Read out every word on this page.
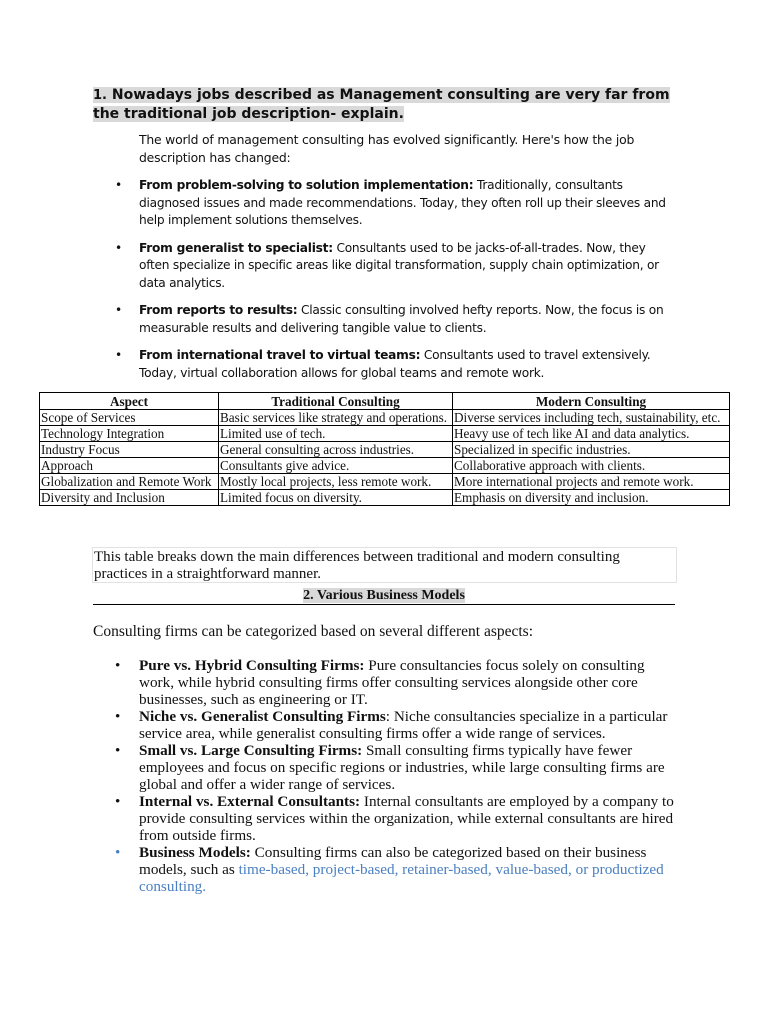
1. Nowadays jobs described as Management consulting are very far from the traditional job description- explain.
The world of management consulting has evolved significantly. Here's how the job description has changed:
• From problem-solving to solution implementation: Traditionally, consultants diagnosed issues and made recommendations. Today, they often roll up their sleeves and help implement solutions themselves.
• From generalist to specialist: Consultants used to be jacks-of-all-trades. Now, they often specialize in specific areas like digital transformation, supply chain optimization, or data analytics.
• From reports to results: Classic consulting involved hefty reports. Now, the focus is on measurable results and delivering tangible value to clients.
• From international travel to virtual teams: Consultants used to travel extensively. Today, virtual collaboration allows for global teams and remote work.
Aspect	Traditional Consulting	Modern Consulting
Scope of Services	Basic services like strategy and operations.	Diverse services including tech, sustainability, etc.
Technology Integration	Limited use of tech.	Heavy use of tech like AI and data analytics.
Industry Focus	General consulting across industries.	Specialized in specific industries.
Approach	Consultants give advice.	Collaborative approach with clients.
Globalization and Remote Work	Mostly local projects, less remote work.	More international projects and remote work.
Diversity and Inclusion	Limited focus on diversity.	Emphasis on diversity and inclusion.
This table breaks down the main differences between traditional and modern consulting practices in a straightforward manner.
2. Various Business Models
Consulting firms can be categorized based on several different aspects:
• Pure vs. Hybrid Consulting Firms: Pure consultancies focus solely on consulting work, while hybrid consulting firms offer consulting services alongside other core businesses, such as engineering or IT.
• Niche vs. Generalist Consulting Firms: Niche consultancies specialize in a particular service area, while generalist consulting firms offer a wide range of services.
• Small vs. Large Consulting Firms: Small consulting firms typically have fewer employees and focus on specific regions or industries, while large consulting firms are global and offer a wider range of services.
• Internal vs. External Consultants: Internal consultants are employed by a company to provide consulting services within the organization, while external consultants are hired from outside firms.
• Business Models: Consulting firms can also be categorized based on their business models, such as time-based, project-based, retainer-based, value-based, or productized consulting.
